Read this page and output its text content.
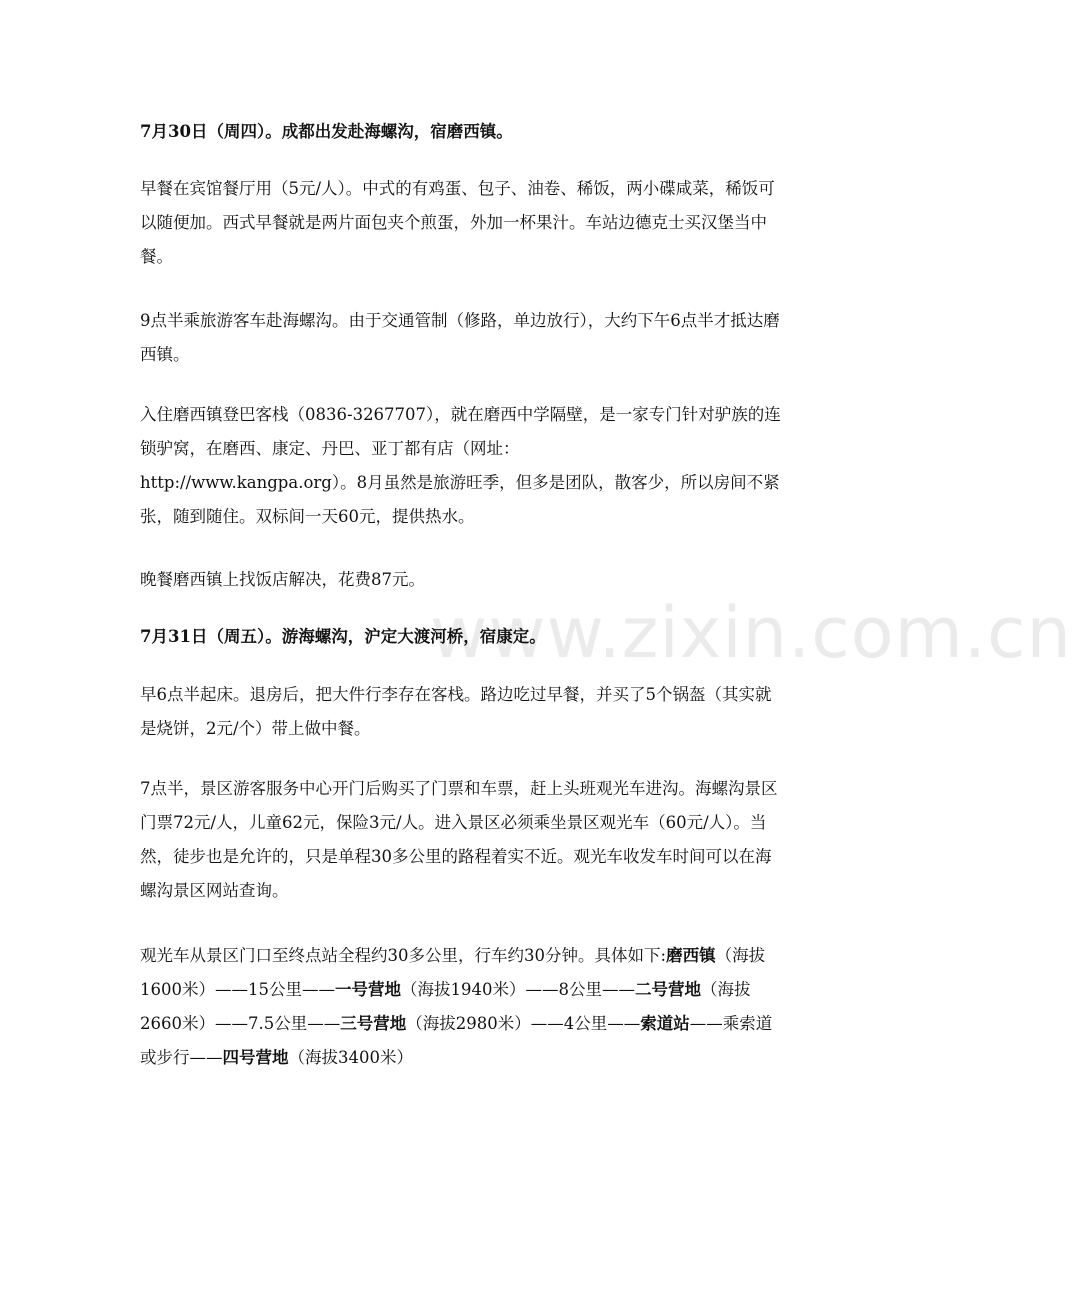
www.zixin.com.cn

7月30日（周四）。成都出发赴海螺沟，宿磨西镇。

早餐在宾馆餐厅用（5元/人）。中式的有鸡蛋、包子、油卷、稀饭，两小碟咸菜，稀饭可以随便加。西式早餐就是两片面包夹个煎蛋，外加一杯果汁。车站边德克士买汉堡当中餐。

9点半乘旅游客车赴海螺沟。由于交通管制（修路，单边放行），大约下午6点半才抵达磨西镇。

入住磨西镇登巴客栈（0836-3267707），就在磨西中学隔壁，是一家专门针对驴族的连锁驴窝，在磨西、康定、丹巴、亚丁都有店（网址：
http://www.kangpa.org）。8月虽然是旅游旺季，但多是团队，散客少，所以房间不紧张，随到随住。双标间一天60元，提供热水。

晚餐磨西镇上找饭店解决，花费87元。

7月31日（周五）。游海螺沟，沪定大渡河桥，宿康定。

早6点半起床。退房后，把大件行李存在客栈。路边吃过早餐，并买了5个锅盔（其实就是烧饼，2元/个）带上做中餐。

7点半，景区游客服务中心开门后购买了门票和车票，赶上头班观光车进沟。海螺沟景区门票72元/人，儿童62元，保险3元/人。进入景区必须乘坐景区观光车（60元/人）。当然，徒步也是允许的，只是单程30多公里的路程着实不近。观光车收发车时间可以在海螺沟景区网站查询。

观光车从景区门口至终点站全程约30多公里，行车约30分钟。具体如下:磨西镇（海拔1600米）——15公里——一号营地（海拔1940米）——8公里——二号营地（海拔2660米）——7.5公里——三号营地（海拔2980米）——4公里——索道站——乘索道或步行——四号营地（海拔3400米）
